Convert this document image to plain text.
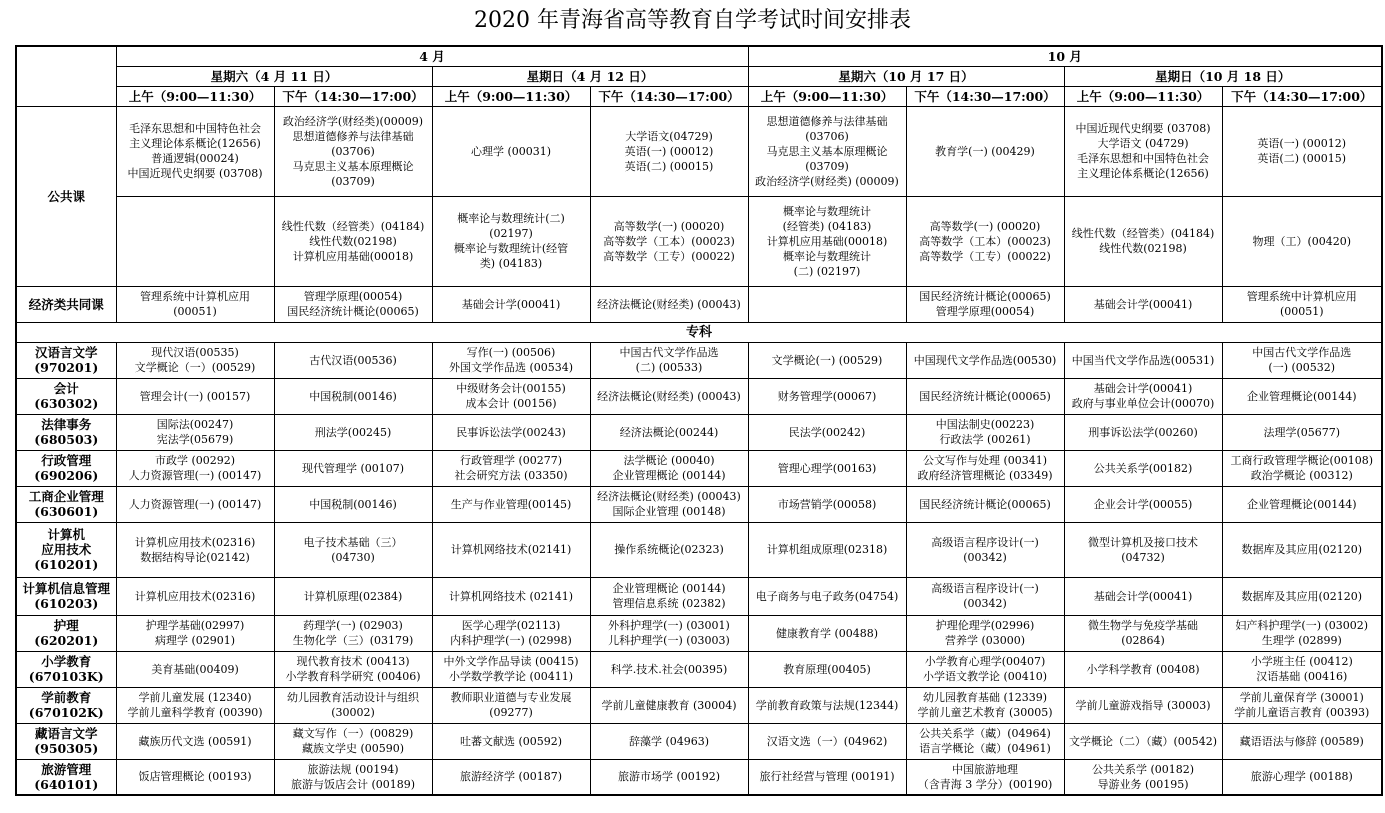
2020 年青海省高等教育自学考试时间安排表
	4 月				10 月			
	星期六（4 月 11 日）		星期日（4 月 12 日）		星期六（10 月 17 日）		星期日（10 月 18 日）	
	上午（9:00—11:30）	下午（14:30—17:00）	上午（9:00—11:30）	下午（14:30—17:00）	上午（9:00—11:30）	下午（14:30—17:00）	上午（9:00—11:30）	下午（14:30—17:00）

公共课	毛泽东思想和中国特色社会
主义理论体系概论(12656)
普通逻辑(00024)
中国近现代史纲要 (03708)	政治经济学(财经类)(00009)
思想道德修养与法律基础
(03706)
马克思主义基本原理概论
(03709)	心理学 (00031)	大学语文(04729)
英语(一) (00012)
英语(二) (00015)	思想道德修养与法律基础
(03706)
马克思主义基本原理概论
(03709)
政治经济学(财经类) (00009)	教育学(一) (00429)	中国近现代史纲要 (03708)
大学语文 (04729)
毛泽东思想和中国特色社会
主义理论体系概论(12656)	英语(一) (00012)
英语(二) (00015)

		线性代数（经管类）(04184)
线性代数(02198)
计算机应用基础(00018)	概率论与数理统计(二)
(02197)
概率论与数理统计(经管
类) (04183)	高等数学(一) (00020)
高等数学（工本）(00023)
高等数学（工专）(00022)	概率论与数理统计
(经管类) (04183)
计算机应用基础(00018)
概率论与数理统计
(二) (02197)	高等数学(一) (00020)
高等数学（工本）(00023)
高等数学（工专）(00022)	线性代数（经管类）(04184)
线性代数(02198)	物理（工）(00420)

经济类共同课	管理系统中计算机应用
(00051)	管理学原理(00054)
国民经济统计概论(00065)	基础会计学(00041)	经济法概论(财经类) (00043)		国民经济统计概论(00065)
管理学原理(00054)	基础会计学(00041)	管理系统中计算机应用
(00051)

专科								

汉语言文学
(970201)	现代汉语(00535)
文学概论（一）(00529)	古代汉语(00536)	写作(一) (00506)
外国文学作品选 (00534)	中国古代文学作品选
(二) (00533)	文学概论(一) (00529)	中国现代文学作品选(00530)	中国当代文学作品选(00531)	中国古代文学作品选
(一) (00532)

会计
(630302)	管理会计(一) (00157)	中国税制(00146)	中级财务会计(00155)
成本会计 (00156)	经济法概论(财经类) (00043)	财务管理学(00067)	国民经济统计概论(00065)	基础会计学(00041)
政府与事业单位会计(00070)	企业管理概论(00144)

法律事务
(680503)	国际法(00247)
宪法学(05679)	刑法学(00245)	民事诉讼法学(00243)	经济法概论(00244)	民法学(00242)	中国法制史(00223)
行政法学 (00261)	刑事诉讼法学(00260)	法理学(05677)

行政管理
(690206)	市政学 (00292)
人力资源管理(一) (00147)	现代管理学 (00107)	行政管理学 (00277)
社会研究方法 (03350)	法学概论 (00040)
企业管理概论 (00144)	管理心理学(00163)	公文写作与处理 (00341)
政府经济管理概论 (03349)	公共关系学(00182)	工商行政管理学概论(00108)
政治学概论 (00312)

工商企业管理
(630601)	人力资源管理(一) (00147)	中国税制(00146)	生产与作业管理(00145)	经济法概论(财经类) (00043)
国际企业管理 (00148)	市场营销学(00058)	国民经济统计概论(00065)	企业会计学(00055)	企业管理概论(00144)

计算机
应用技术
(610201)	计算机应用技术(02316)
数据结构导论(02142)	电子技术基础（三）
(04730)	计算机网络技术(02141)	操作系统概论(02323)	计算机组成原理(02318)	高级语言程序设计(一)
(00342)	微型计算机及接口技术
(04732)	数据库及其应用(02120)

计算机信息管理
(610203)	计算机应用技术(02316)	计算机原理(02384)	计算机网络技术 (02141)	企业管理概论 (00144)
管理信息系统 (02382)	电子商务与电子政务(04754)	高级语言程序设计(一)
(00342)	基础会计学(00041)	数据库及其应用(02120)

护理
(620201)	护理学基础(02997)
病理学 (02901)	药理学(一) (02903)
生物化学（三）(03179)	医学心理学(02113)
内科护理学(一) (02998)	外科护理学(一) (03001)
儿科护理学(一) (03003)	健康教育学 (00488)	护理伦理学(02996)
营养学 (03000)	微生物学与免疫学基础
(02864)	妇产科护理学(一) (03002)
生理学 (02899)

小学教育
(670103K)	美育基础(00409)	现代教育技术 (00413)
小学教育科学研究 (00406)	中外文学作品导读 (00415)
小学数学教学论 (00411)	科学.技术.社会(00395)	教育原理(00405)	小学教育心理学(00407)
小学语文教学论 (00410)	小学科学教育 (00408)	小学班主任 (00412)
汉语基础 (00416)

学前教育
(670102K)	学前儿童发展 (12340)
学前儿童科学教育 (00390)	幼儿园教育活动设计与组织
(30002)	教师职业道德与专业发展
(09277)	学前儿童健康教育 (30004)	学前教育政策与法规(12344)	幼儿园教育基础 (12339)
学前儿童艺术教育 (30005)	学前儿童游戏指导 (30003)	学前儿童保育学 (30001)
学前儿童语言教育 (00393)

藏语言文学
(950305)	藏族历代文选 (00591)	藏文写作（一）(00829)
藏族文学史 (00590)	吐蕃文献选 (00592)	辞藻学 (04963)	汉语文选（一）(04962)	公共关系学（藏）(04964)
语言学概论（藏）(04961)	文学概论（二）（藏）(00542)	藏语语法与修辞 (00589)

旅游管理
(640101)	饭店管理概论 (00193)	旅游法规 (00194)
旅游与饭店会计 (00189)	旅游经济学 (00187)	旅游市场学 (00192)	旅行社经营与管理 (00191)	中国旅游地理
（含青海 3 学分）(00190)	公共关系学 (00182)
导游业务 (00195)	旅游心理学 (00188)
